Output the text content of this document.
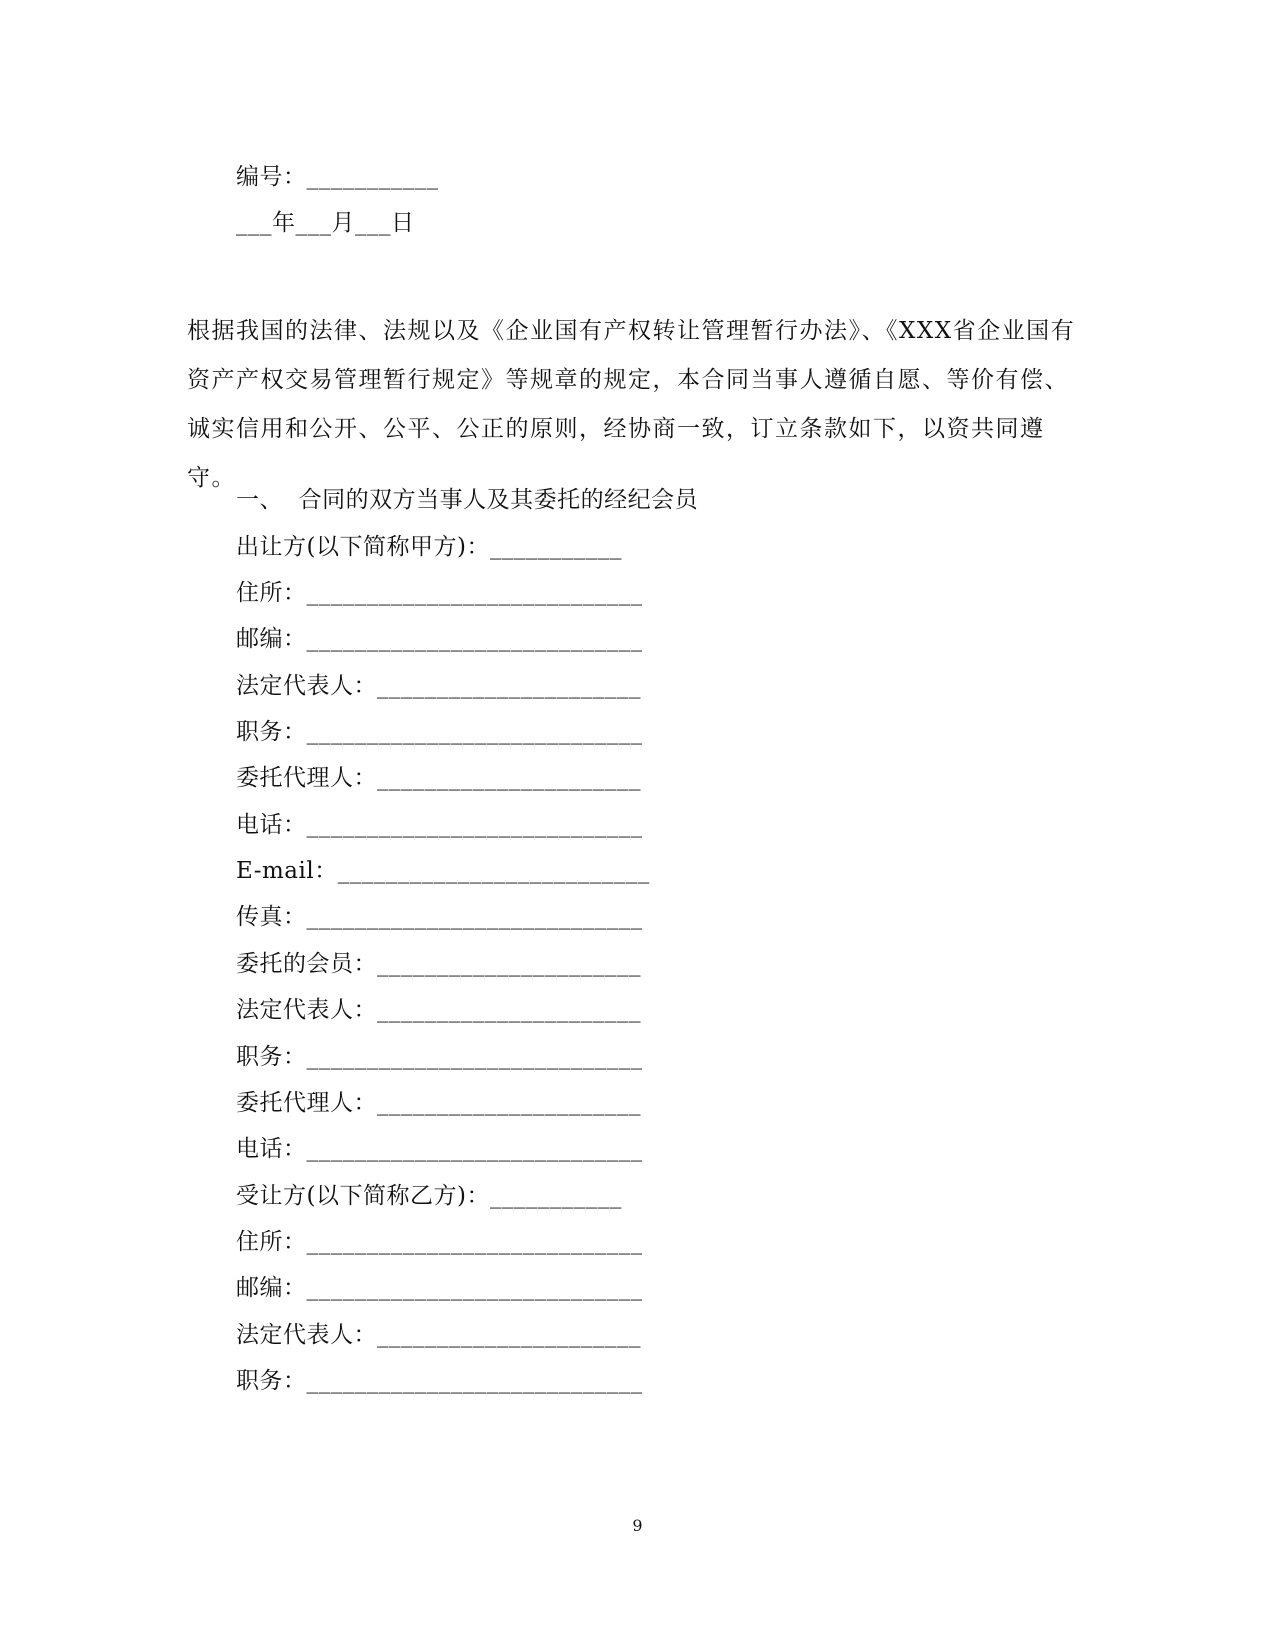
编号：___________
___年___月___日

根据我国的法律、法规以及《企业国有产权转让管理暂行办法》、《XXX省企业国有资产产权交易管理暂行规定》等规章的规定，本合同当事人遵循自愿、等价有偿、诚实信用和公开、公平、公正的原则，经协商一致，订立条款如下，以资共同遵守。

一、  合同的双方当事人及其委托的经纪会员
出让方(以下简称甲方)：___________
住所：____________________________
邮编：____________________________
法定代表人：______________________
职务：____________________________
委托代理人：______________________
电话：____________________________
E-mail：__________________________
传真：____________________________
委托的会员：______________________
法定代表人：______________________
职务：____________________________
委托代理人：______________________
电话：____________________________
受让方(以下简称乙方)：___________
住所：____________________________
邮编：____________________________
法定代表人：______________________
职务：____________________________
9
